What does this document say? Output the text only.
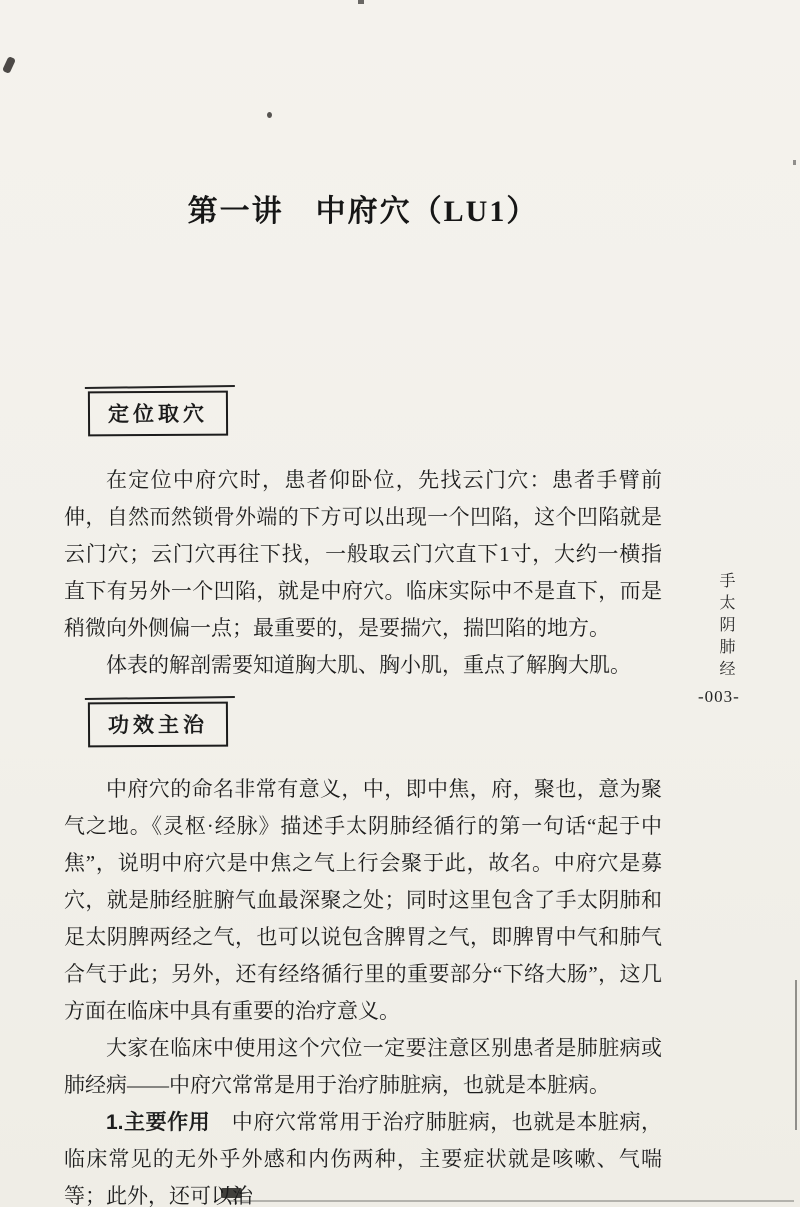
第一讲　中府穴（LU1）
定位取穴

在定位中府穴时，患者仰卧位，先找云门穴：患者手臂前伸，自然而然锁骨外端的下方可以出现一个凹陷，这个凹陷就是云门穴；云门穴再往下找，一般取云门穴直下1寸，大约一横指直下有另外一个凹陷，就是中府穴。临床实际中不是直下，而是稍微向外侧偏一点；最重要的，是要揣穴，揣凹陷的地方。

体表的解剖需要知道胸大肌、胸小肌，重点了解胸大肌。

功效主治

中府穴的命名非常有意义，中，即中焦，府，聚也，意为聚气之地。《灵枢·经脉》描述手太阴肺经循行的第一句话“起于中焦”，说明中府穴是中焦之气上行会聚于此，故名。中府穴是募穴，就是肺经脏腑气血最深聚之处；同时这里包含了手太阴肺和足太阴脾两经之气，也可以说包含脾胃之气，即脾胃中气和肺气合气于此；另外，还有经络循行里的重要部分“下络大肠”，这几方面在临床中具有重要的治疗意义。

大家在临床中使用这个穴位一定要注意区别患者是肺脏病或肺经病——中府穴常常是用于治疗肺脏病，也就是本脏病。

1.主要作用　中府穴常常用于治疗肺脏病，也就是本脏病，临床常见的无外乎外感和内伤两种，主要症状就是咳嗽、气喘等；此外，还可以治

手太阴肺经
-003-
